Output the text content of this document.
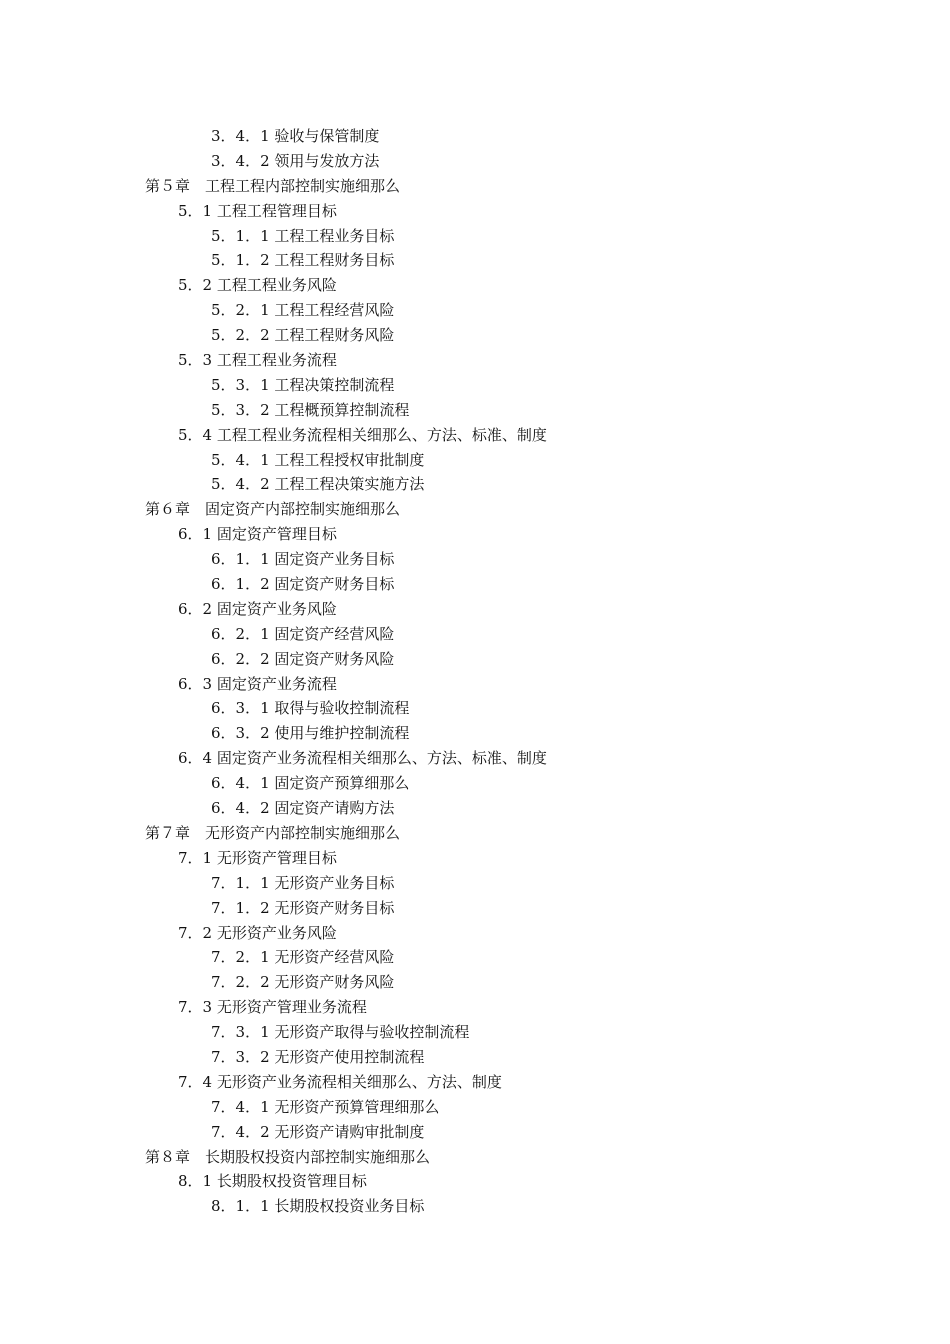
3．4．1 验收与保管制度
3．4．2 领用与发放方法
第５章　工程工程内部控制实施细那么
5．1 工程工程管理目标
5．1．1 工程工程业务目标
5．1．2 工程工程财务目标
5．2 工程工程业务风险
5．2．1 工程工程经营风险
5．2．2 工程工程财务风险
5．3 工程工程业务流程
5．3．1 工程决策控制流程
5．3．2 工程概预算控制流程
5．4 工程工程业务流程相关细那么、方法、标准、制度
5．4．1 工程工程授权审批制度
5．4．2 工程工程决策实施方法
第６章　固定资产内部控制实施细那么
6．1 固定资产管理目标
6．1．1 固定资产业务目标
6．1．2 固定资产财务目标
6．2 固定资产业务风险
6．2．1 固定资产经营风险
6．2．2 固定资产财务风险
6．3 固定资产业务流程
6．3．1 取得与验收控制流程
6．3．2 使用与维护控制流程
6．4 固定资产业务流程相关细那么、方法、标准、制度
6．4．1 固定资产预算细那么
6．4．2 固定资产请购方法
第７章　无形资产内部控制实施细那么
7．1 无形资产管理目标
7．1．1 无形资产业务目标
7．1．2 无形资产财务目标
7．2 无形资产业务风险
7．2．1 无形资产经营风险
7．2．2 无形资产财务风险
7．3 无形资产管理业务流程
7．3．1 无形资产取得与验收控制流程
7．3．2 无形资产使用控制流程
7．4 无形资产业务流程相关细那么、方法、制度
7．4．1 无形资产预算管理细那么
7．4．2 无形资产请购审批制度
第８章　长期股权投资内部控制实施细那么
8．1 长期股权投资管理目标
8．1．1 长期股权投资业务目标
